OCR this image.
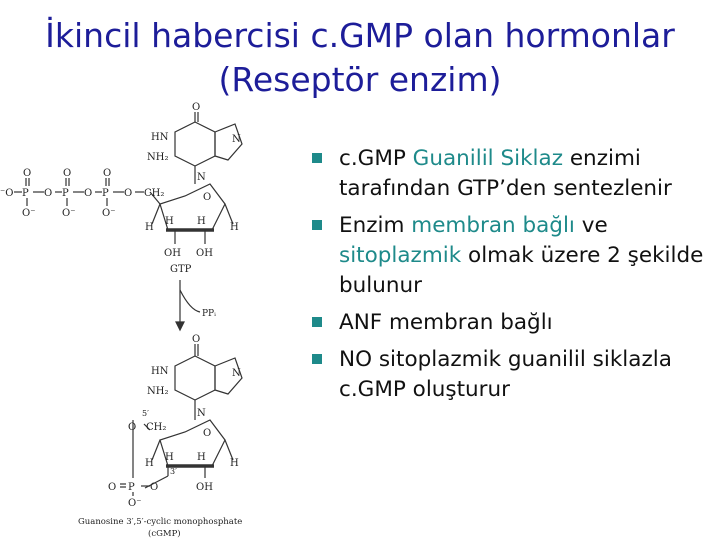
İkincil habercisi c.GMP olan hormonlar
(Reseptör enzim)
⁻O P O P O P O CH₂
O	O	O
O⁻	O⁻	O⁻
O
HN
NH₂
N
N
O
H
H H
H
OH OH
GTP
PPᵢ
O
HN
NH₂
N
N
O
5′
O CH₂
H
H H
H
3′
O P O
O⁻
OH
Guanosine 3′,5′-cyclic monophosphate
(cGMP)
c.GMP Guanilil Siklaz enzimi tarafından GTP’den sentezlenir
Enzim membran bağlı ve sitoplazmik olmak üzere 2 şekilde bulunur
ANF membran bağlı
NO sitoplazmik guanilil siklazla c.GMP oluşturur
